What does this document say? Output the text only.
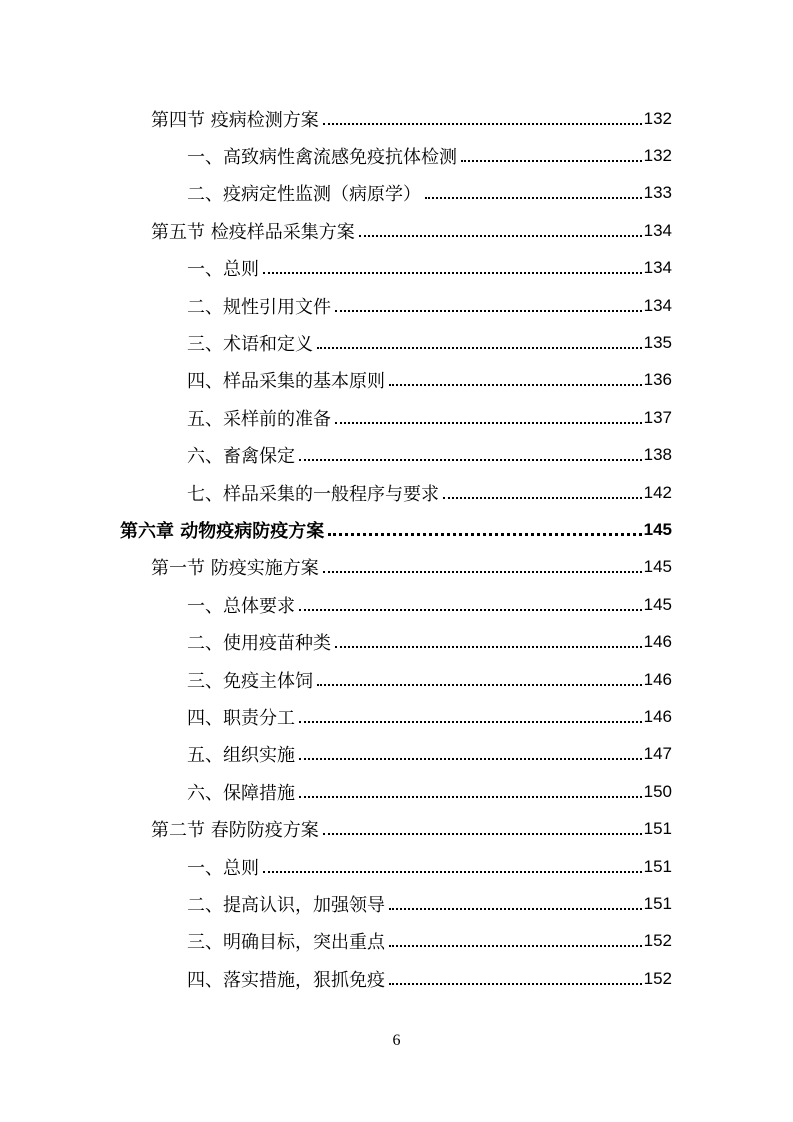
第四节 疫病检测方案	132
一、高致病性禽流感免疫抗体检测	132
二、疫病定性监测（病原学）	133
第五节 检疫样品采集方案	134
一、总则	134
二、规性引用文件	134
三、术语和定义	135
四、样品采集的基本原则	136
五、采样前的准备	137
六、畜禽保定	138
七、样品采集的一般程序与要求	142
第六章 动物疫病防疫方案	145
第一节 防疫实施方案	145
一、总体要求	145
二、使用疫苗种类	146
三、免疫主体饲	146
四、职责分工	146
五、组织实施	147
六、保障措施	150
第二节 春防防疫方案	151
一、总则	151
二、提高认识，加强领导	151
三、明确目标，突出重点	152
四、落实措施，狠抓免疫	152
6
